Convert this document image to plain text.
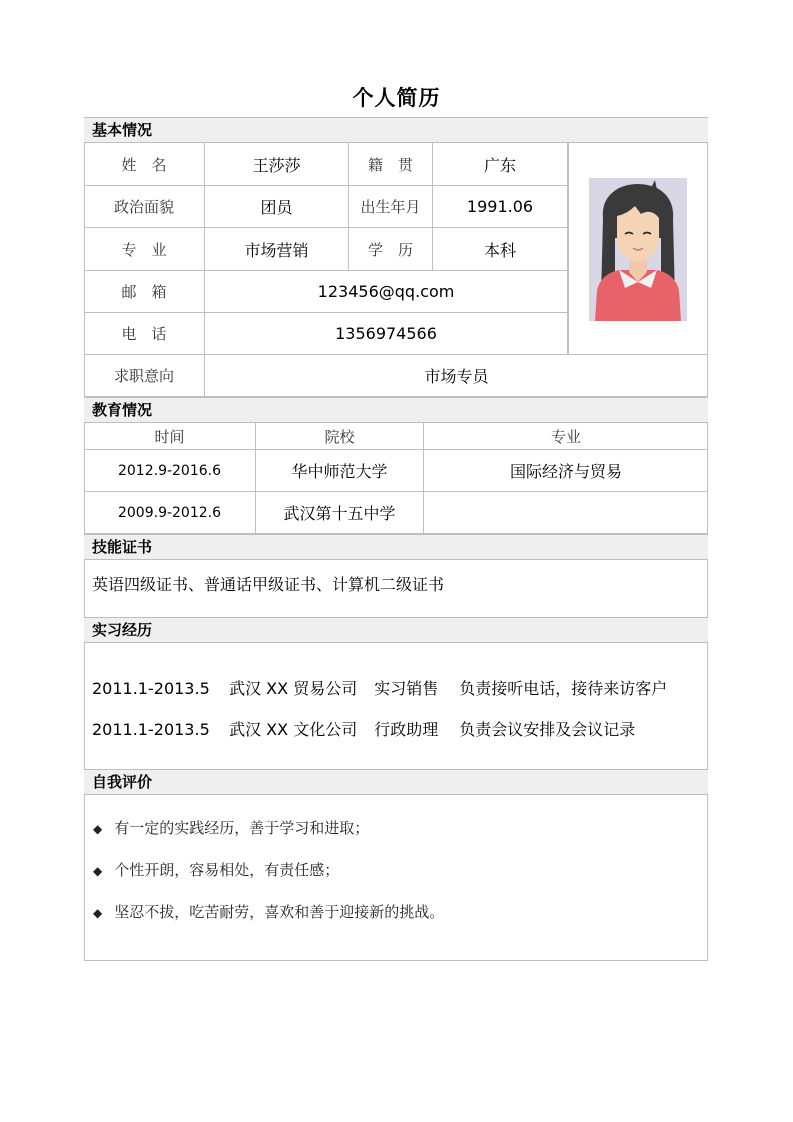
个人简历
基本情况
姓　名	王莎莎	籍　贯	广东
政治面貌	团员	出生年月	1991.06
专　业	市场营销	学　历	本科
邮　箱	123456@qq.com
电　话	1356974566
求职意向	市场专员
教育情况
时间	院校	专业
2012.9-2016.6	华中师范大学	国际经济与贸易
2009.9-2012.6	武汉第十五中学
技能证书
英语四级证书、普通话甲级证书、计算机二级证书
实习经历
2011.1-2013.5 武汉 XX 贸易公司 实习销售 负责接听电话，接待来访客户
2011.1-2013.5 武汉 XX 文化公司 行政助理 负责会议安排及会议记录
自我评价
◆ 有一定的实践经历，善于学习和进取；
◆ 个性开朗，容易相处，有责任感；
◆ 坚忍不拔，吃苦耐劳，喜欢和善于迎接新的挑战。
